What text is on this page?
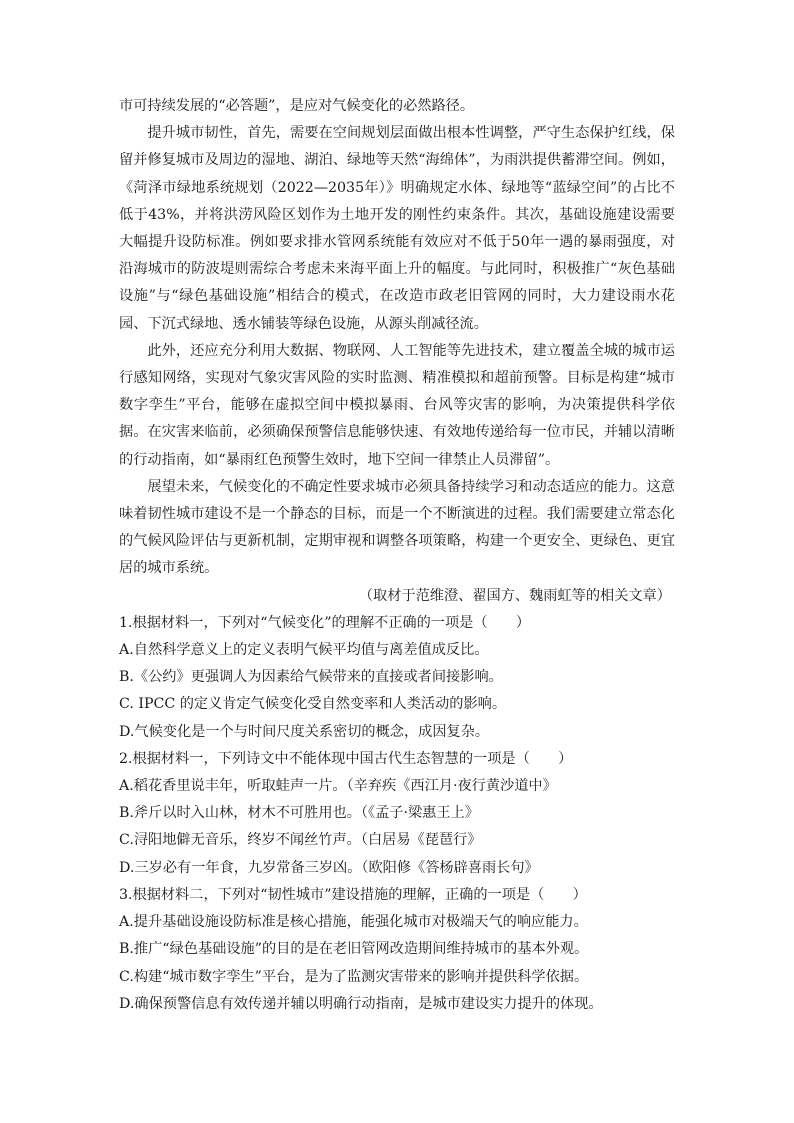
市可持续发展的“必答题”，是应对气候变化的必然路径。

提升城市韧性，首先，需要在空间规划层面做出根本性调整，严守生态保护红线，保留并修复城市及周边的湿地、湖泊、绿地等天然“海绵体”，为雨洪提供蓄滞空间。例如，《菏泽市绿地系统规划（2022—2035年）》明确规定水体、绿地等“蓝绿空间”的占比不低于43%，并将洪涝风险区划作为土地开发的刚性约束条件。其次，基础设施建设需要大幅提升设防标准。例如要求排水管网系统能有效应对不低于50年一遇的暴雨强度，对沿海城市的防波堤则需综合考虑未来海平面上升的幅度。与此同时，积极推广“灰色基础设施”与“绿色基础设施”相结合的模式，在改造市政老旧管网的同时，大力建设雨水花园、下沉式绿地、透水铺装等绿色设施，从源头削减径流。

此外，还应充分利用大数据、物联网、人工智能等先进技术，建立覆盖全城的城市运行感知网络，实现对气象灾害风险的实时监测、精准模拟和超前预警。目标是构建“城市数字孪生”平台，能够在虚拟空间中模拟暴雨、台风等灾害的影响，为决策提供科学依据。在灾害来临前，必须确保预警信息能够快速、有效地传递给每一位市民，并辅以清晰的行动指南，如“暴雨红色预警生效时，地下空间一律禁止人员滞留”。

展望未来，气候变化的不确定性要求城市必须具备持续学习和动态适应的能力。这意味着韧性城市建设不是一个静态的目标，而是一个不断演进的过程。我们需要建立常态化的气候风险评估与更新机制，定期审视和调整各项策略，构建一个更安全、更绿色、更宜居的城市系统。

（取材于范维澄、翟国方、魏雨虹等的相关文章）

1.根据材料一，下列对“气候变化”的理解不正确的一项是（　　）

A.自然科学意义上的定义表明气候平均值与离差值成反比。

B.《公约》更强调人为因素给气候带来的直接或者间接影响。

C. IPCC 的定义肯定气候变化受自然变率和人类活动的影响。

D.气候变化是一个与时间尺度关系密切的概念，成因复杂。

2.根据材料一，下列诗文中不能体现中国古代生态智慧的一项是（　　）

A.稻花香里说丰年，听取蛙声一片。（辛弃疾《西江月·夜行黄沙道中》

B.斧斤以时入山林，材木不可胜用也。（《孟子·梁惠王上》

C.浔阳地僻无音乐，终岁不闻丝竹声。（白居易《琵琶行》

D.三岁必有一年食，九岁常备三岁凶。（欧阳修《答杨辟喜雨长句》

3.根据材料二，下列对“韧性城市”建设措施的理解，正确的一项是（　　）

A.提升基础设施设防标准是核心措施，能强化城市对极端天气的响应能力。

B.推广“绿色基础设施”的目的是在老旧管网改造期间维持城市的基本外观。

C.构建“城市数字孪生”平台，是为了监测灾害带来的影响并提供科学依据。

D.确保预警信息有效传递并辅以明确行动指南，是城市建设实力提升的体现。
